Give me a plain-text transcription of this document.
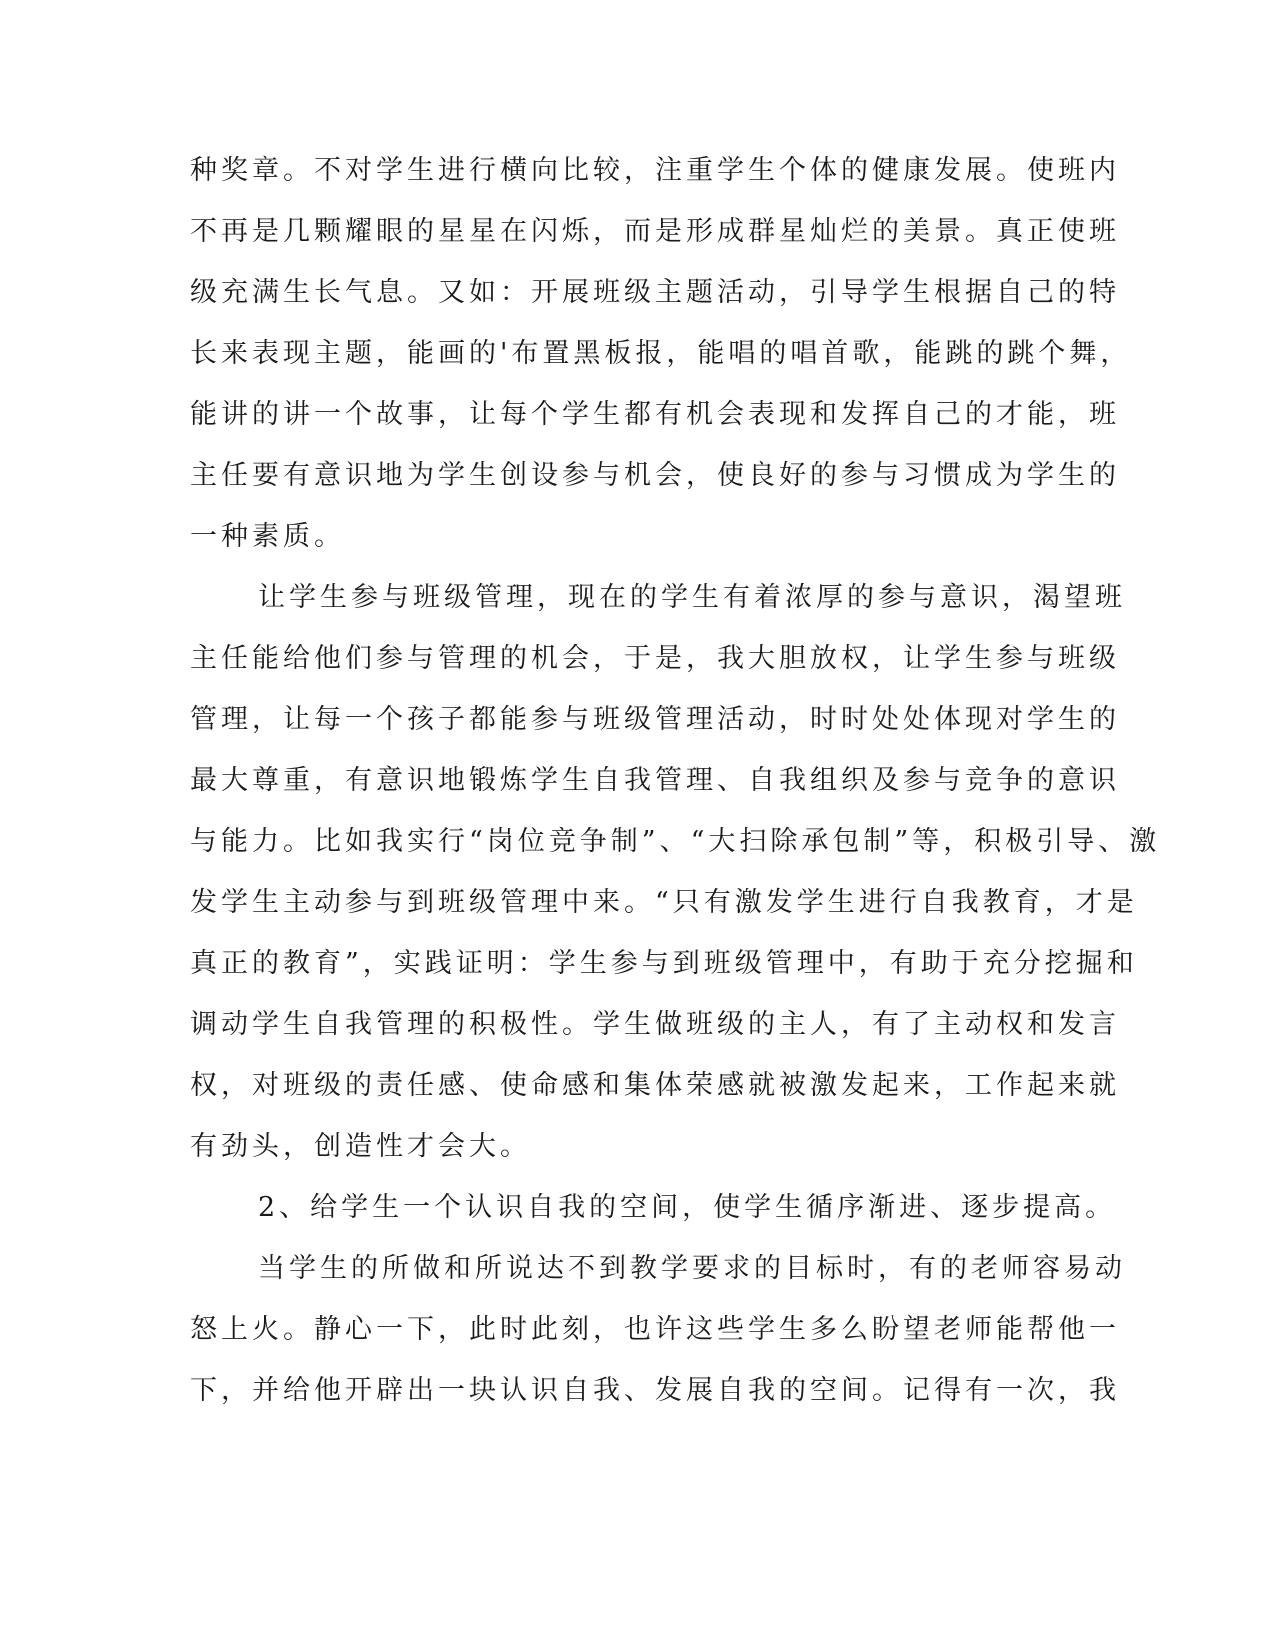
种奖章。不对学生进行横向比较，注重学生个体的健康发展。使班内
不再是几颗耀眼的星星在闪烁，而是形成群星灿烂的美景。真正使班
级充满生长气息。又如：开展班级主题活动，引导学生根据自己的特
长来表现主题，能画的'布置黑板报，能唱的唱首歌，能跳的跳个舞，
能讲的讲一个故事，让每个学生都有机会表现和发挥自己的才能，班
主任要有意识地为学生创设参与机会，使良好的参与习惯成为学生的
一种素质。
让学生参与班级管理，现在的学生有着浓厚的参与意识，渴望班
主任能给他们参与管理的机会，于是，我大胆放权，让学生参与班级
管理，让每一个孩子都能参与班级管理活动，时时处处体现对学生的
最大尊重，有意识地锻炼学生自我管理、自我组织及参与竞争的意识
与能力。比如我实行“岗位竞争制”、“大扫除承包制”等，积极引导、激
发学生主动参与到班级管理中来。“只有激发学生进行自我教育，才是
真正的教育”，实践证明：学生参与到班级管理中，有助于充分挖掘和
调动学生自我管理的积极性。学生做班级的主人，有了主动权和发言
权，对班级的责任感、使命感和集体荣感就被激发起来，工作起来就
有劲头，创造性才会大。
2、给学生一个认识自我的空间，使学生循序渐进、逐步提高。
当学生的所做和所说达不到教学要求的目标时，有的老师容易动
怒上火。静心一下，此时此刻，也许这些学生多么盼望老师能帮他一
下，并给他开辟出一块认识自我、发展自我的空间。记得有一次，我
